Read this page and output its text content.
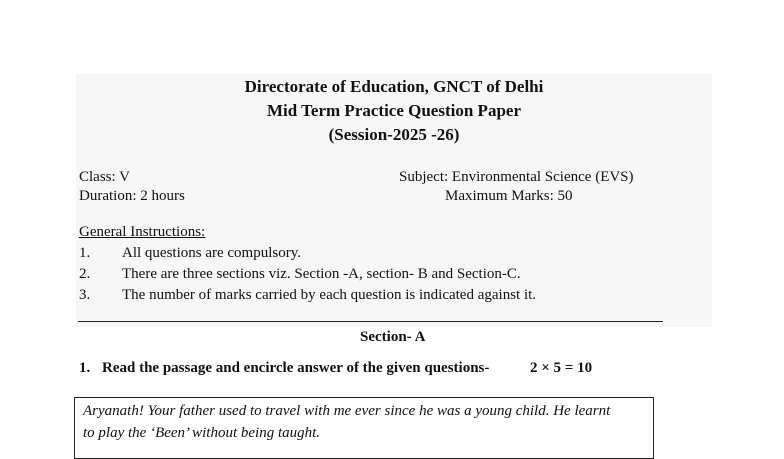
Directorate of Education, GNCT of Delhi
Mid Term Practice Question Paper
(Session-2025 -26)
Class: V	Subject: Environmental Science (EVS)
Duration: 2 hours	Maximum Marks: 50
General Instructions:
1. All questions are compulsory.
2. There are three sections viz. Section -A, section- B and Section-C.
3. The number of marks carried by each question is indicated against it.
Section- A
1. Read the passage and encircle answer of the given questions-	2 × 5 = 10
Aryanath! Your father used to travel with me ever since he was a young child. He learnt
to play the ‘Been’ without being taught.
